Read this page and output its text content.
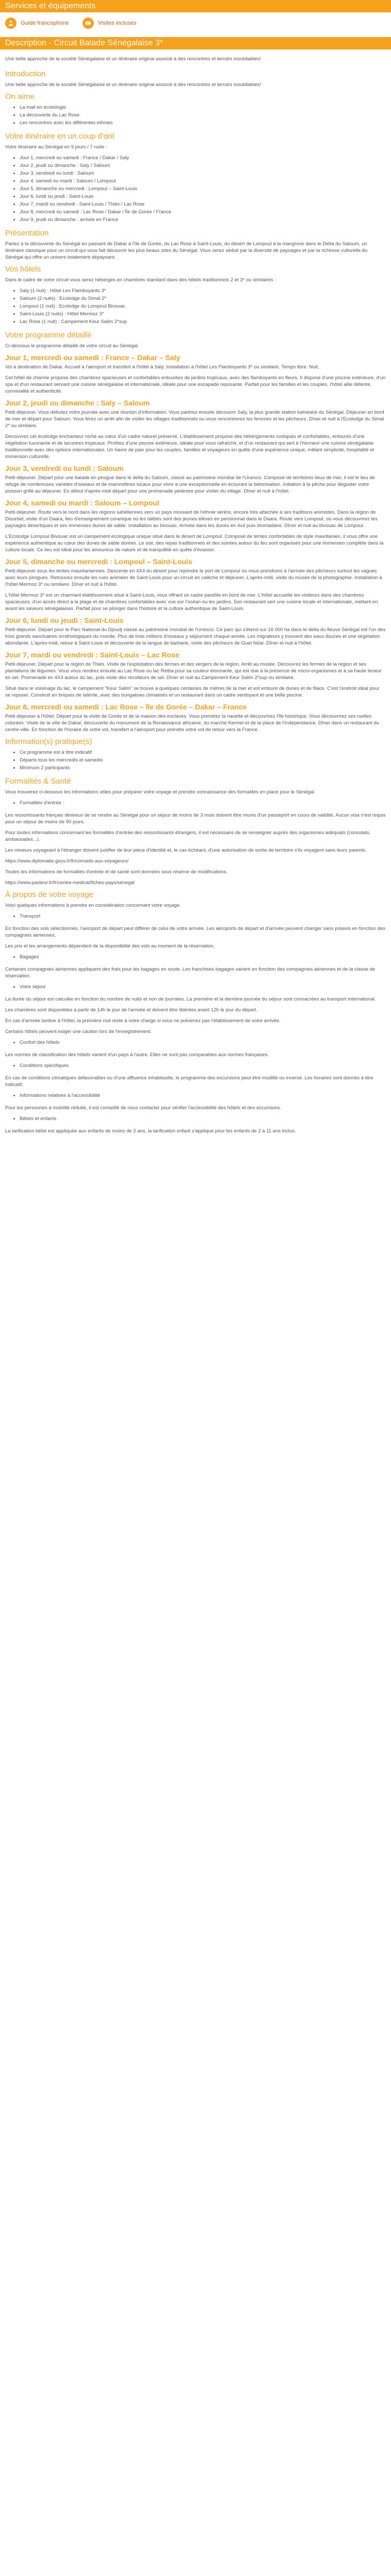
Services et équipements
Guide francophone	Visites incluses
Description - Circuit Balade Sénégalaise 3*
Une belle approche de la société Sénégalaise et un itinéraire original associé à des rencontres et terroirs inoubliables!
Introduction
Une belle approche de la société Sénégalaise et un itinéraire original associé à des rencontres et terroirs inoubliables!
On aime
• La mail en écotologie
• La découverte du Lac Rose
• Les rencontres avec les différentes ethnies
Votre itinéraire en un coup d'œil
Votre itinéraire au Sénégal en 9 jours / 7 nuits :
• Jour 1, mercredi ou samedi : France / Dakar / Saly
• Jour 2, jeudi ou dimanche : Saly / Saloum
• Jour 3, vendredi ou lundi : Saloum
• Jour 4, samedi ou mardi : Saloum / Lompoul
• Jour 5, dimanche ou mercredi : Lompoul – Saint-Louis
• Jour 6, lundi ou jeudi : Saint-Louis
• Jour 7, mardi ou vendredi : Saint-Louis / Thiès / Lac Rose
• Jour 8, mercredi ou samedi : Lac Rose / Dakar / Île de Gorée / France
• Jour 9, jeudi ou dimanche : arrivée en France
Présentation
Partez à la découverte du Sénégal en passant de Dakar à l'île de Gorée, du Lac Rose à Saint-Louis, du désert de Lompoul à la mangrove dans le Delta du Saloum, un itinéraire classique pour un circuit qui vous fait découvrir les plus beaux sites du Sénégal. Vous serez séduit par la diversité de paysages et par la richesse culturelle du Sénégal qui offre un univers totalement dépaysant.
Vos hôtels
Dans le cadre de votre circuit vous serez hébergés en chambres standard dans des hôtels traditionnels 2 et 3* ou similaires :
• Saly (1 nuit) : Hôtel Les Flamboyants 3*
• Saloum (2 nuits) : Ecolodge du Simal 2*
• Lompoul (1 nuit) : Ecolodge du Lompoul Bivouac
• Saint-Louis (2 nuits) : Hôtel Mermoz 3*
• Lac Rose (1 nuit) : Campement Keur Salim 2*sup
Votre programme détaillé
Ci-dessous le programme détaillé de votre circuit au Sénégal.
Jour 1, mercredi ou samedi : France – Dakar – Saly
Vol à destination de Dakar. Accueil à l'aéroport et transfert à l'hôtel à Saly. Installation à l'hôtel Les Flamboyants 3* ou similaire. Temps libre. Nuit.
Cet hôtel de charme propose des chambres spacieuses et confortables entourées de jardins tropicaux, avec des flamboyants en fleurs. Il dispose d'une piscine extérieure, d'un spa et d'un restaurant servant une cuisine sénégalaise et internationale, idéale pour une escapade reposante. Parfait pour les familles et les couples, l'hôtel allie détente, convivialité et authenticité.
Jour 2, jeudi ou dimanche : Saly – Saloum
Petit-déjeuner. Vous débutez votre journée avec une réunion d'information. Vous partirez ensuite découvrir Saly, la plus grande station balnéaire du Sénégal. Déjeuner en bord de mer et départ pour Saloum. Vous ferez un arrêt afin de visiter les villages traditionnels ou vous rencontrerez les femmes et les pêcheurs. Dîner et nuit à l'Ecolodge du Simal 2* ou similaire.
Découvrez cet écolodge enchanteur niché au cœur d'un cadre naturel préservé. L'établissement propose des hébergements rustiques et confortables, entourés d'une végétation luxuriante et de lacustres tropicaux. Profitez d'une piscine extérieure, idéale pour vous rafraîchir, et d'un restaurant qui sert à l'honneur une cuisine sénégalaise traditionnelle avec des options internationales. Un havre de paix pour les couples, familles et voyageurs en quête d'une expérience unique, mêlant simplicité, hospitalité et immersion culturelle.
Jour 3, vendredi ou lundi : Saloum
Petit-déjeuner. Départ pour une balade en pirogue dans le delta du Saloum, classé au patrimoine mondial de l'Unesco. Composé de territoires lieux de mer, il est le lieu de refuge de nombreuses variétés d'oiseaux et de mammifères locaux pour vivre à une exceptionnelle en écourant la bétonisation. Initiation à la pêche pour déguster votre poisson grillé au déjeuner. En début d'après-midi départ pour une promenade pédestre pour visiter du village. Dîner et nuit à l'hôtel.
Jour 4, samedi ou mardi : Saloum – Lompoul
Petit-déjeuner. Route vers le nord dans les régions sahéliennes vers un pays mouvant de l'ethnie sérère, encore très attachée à ses traditions animistes. Dans la région de Diourbel, visite d'un Daara, lieu d'enseignement coranique où les talibés sont des jeunes élèves en pensionnat dans le Daara. Route vers Lompoul, où vous découvrirez les paysages désertiques et ses immenses dunes de sable. Installation au bivouac. Arrivée dans les dunes en 4x4 puis dromadaire. Dîner et nuit au bivouac de Lompoul.
L'Ecolodge Lompoul Bivouac est un campement écologique unique situé dans le désert de Lompoul. Composé de tentes confortables de style mauritanien, il vous offre une expérience authentique au cœur des dunes de sable dorées. Le soir, des repas traditionnels et des soirées autour du feu sont organisés pour une immersion complète dans la culture locale. Ce lieu est idéal pour les amoureux de nature et de tranquillité en quête d'évasion.
Jour 5, dimanche ou mercredi : Lompoul – Saint-Louis
Petit-déjeuner sous les tentes mauritaniennes. Descente en 4X4 du désert pour rejoindre le port de Lompoul où nous prendrons à l'arrivée des pêcheurs surtout les vagues avec leurs pirogues. Retrouvez ensuite les rues animées de Saint-Louis pour un circuit en calèche et déjeuner. L'après-midi, visite du musée de la photographie. Installation à l'hôtel Mermoz 3* ou similaire. Dîner et nuit à l'hôtel.
L'hôtel Mermoz 3* est un charmant établissement situé à Saint-Louis, vous offrant un cadre paisible en bord de mer. L'hôtel accueille les visiteurs dans des chambres spacieuses, d'un accès direct à la plage et de chambres confortables avec vue sur l'océan ou les jardins. Son restaurant sert une cuisine locale et internationale, mettant en avant les saveurs sénégalaises. Parfait pour se plonger dans l'histoire et la culture authentique de Saint-Louis.
Jour 6, lundi ou jeudi : Saint-Louis
Petit-déjeuner. Départ pour le Parc National du Djoudj classé au patrimoine mondial de l'Unesco. Ce parc qui s'étend sur 16 000 ha dans le delta du fleuve Sénégal est l'un des trois grands sanctuaires ornithologiques du monde. Plus de trois millions d'oiseaux y séjournent chaque année. Les migrateurs y trouvent des eaux douces et une végétation abondante. L'après-midi, retour à Saint-Louis et découverte de la langue de barbarie, visite des pêcheurs de Guet Ndar. Dîner et nuit à l'hôtel.
Jour 7, mardi ou vendredi : Saint-Louis – Lac Rose
Petit-déjeuner. Départ pour la région de Thiès. Visite de l'exploitation des fermes et des vergers de la région. Arrêt au musée. Découvrez les fermes de la région et ses plantations de légumes. Vous vous rendrez ensuite au Lac Rose ou lac Retba pour sa couleur étonnante, qui est due à la présence de micro-organismes et à sa haute teneur en sel. Promenade en 4X4 autour du lac, puis visite des récolteurs de sel. Dîner et nuit au Campement Keur Salim 2*sup ou similaire.
Situé dans le voisinage du lac, le campement "Keur Salim" se trouve à quelques centaines de mètres de la mer et est entouré de dunes et de filaos. C'est l'endroit idéal pour se reposer. Construit en briques de latérite, avec des bungalows climatisés et un restaurant dans un cadre verdoyant et une belle piscine.
Jour 8, mercredi ou samedi : Lac Rose – île de Gorée – Dakar – France
Petit-déjeuner à l'hôtel. Départ pour la visite de Gorée et de la maison des esclaves. Vous prendrez la navette et découvrirez l'île historique. Vous découvrirez ses ruelles colorées. Visite de la ville de Dakar, découverte du monument de la Renaissance africaine, du marché Kermel et de la place de l'Indépendance. Dîner dans un restaurant du centre-ville. En fonction de l'horaire de votre vol, transfert à l'aéroport pour prendre votre vol de retour vers la France.
Information(s) pratique(s)
• Ce programme est à titre indicatif
• Départs tous les mercredis et samedis
• Minimum 2 participants
Formalités & Santé
Vous trouverez ci-dessous les informations utiles pour préparer votre voyage et prendre connaissance des formalités en place pour le Sénégal.
• Formalités d'entrée :
Les ressortissants français désireux de se rendre au Sénégal pour un séjour de moins de 3 mois doivent être munis d'un passeport en cours de validité. Aucun visa n'est requis pour un séjour de moins de 90 jours.
Pour toutes informations concernant les formalités d'entrée des ressortissants étrangers, il est nécessaire de se renseigner auprès des organismes adéquats (consulats, ambassades...).
Les mineurs voyageant à l'étranger doivent justifier de leur pièce d'identité et, le cas échéant, d'une autorisation de sortie de territoire s'ils voyagent sans leurs parents.
https://www.diplomatie.gouv.fr/fr/conseils-aux-voyageurs/
Toutes les informations de formalités d'entrée et de santé sont données sous réserve de modifications.
https://www.pasteur.fr/fr/centre-medical/fiches-pays/senegal
À propos de votre voyage
Voici quelques informations à prendre en considération concernant votre voyage.
• Transport
En fonction des vols sélectionnés, l'aéroport de départ peut différer de celui de votre arrivée. Les aéroports de départ et d'arrivée peuvent changer sans préavis en fonction des compagnies aériennes.
Les prix et les arrangements dépendent de la disponibilité des vols au moment de la réservation.
• Bagages
Certaines compagnies aériennes appliquent des frais pour les bagages en soute. Les franchises bagages varient en fonction des compagnies aériennes et de la classe de réservation.
• Votre séjour
La durée du séjour est calculée en fonction du nombre de nuits et non de journées. La première et la dernière journée du séjour sont consacrées au transport international.
Les chambres sont disponibles à partir de 14h le jour de l'arrivée et doivent être libérées avant 12h le jour du départ.
En cas d'arrivée tardive à l'hôtel, la première nuit reste à votre charge si vous ne prévenez pas l'établissement de votre arrivée.
Certains hôtels peuvent exiger une caution lors de l'enregistrement.
• Confort des hôtels
Les normes de classification des hôtels varient d'un pays à l'autre. Elles ne sont pas comparables aux normes françaises.
• Conditions spécifiques
En cas de conditions climatiques défavorables ou d'une affluence inhabituelle, le programme des excursions peut être modifié ou inversé. Les horaires sont donnés à titre indicatif.
• Informations relatives à l'accessibilité
Pour les personnes à mobilité réduite, il est conseillé de nous contacter pour vérifier l'accessibilité des hôtels et des excursions.
• Bébés et enfants
La tarification bébé est appliquée aux enfants de moins de 2 ans, la tarification enfant s'applique pour les enfants de 2 à 11 ans inclus.
